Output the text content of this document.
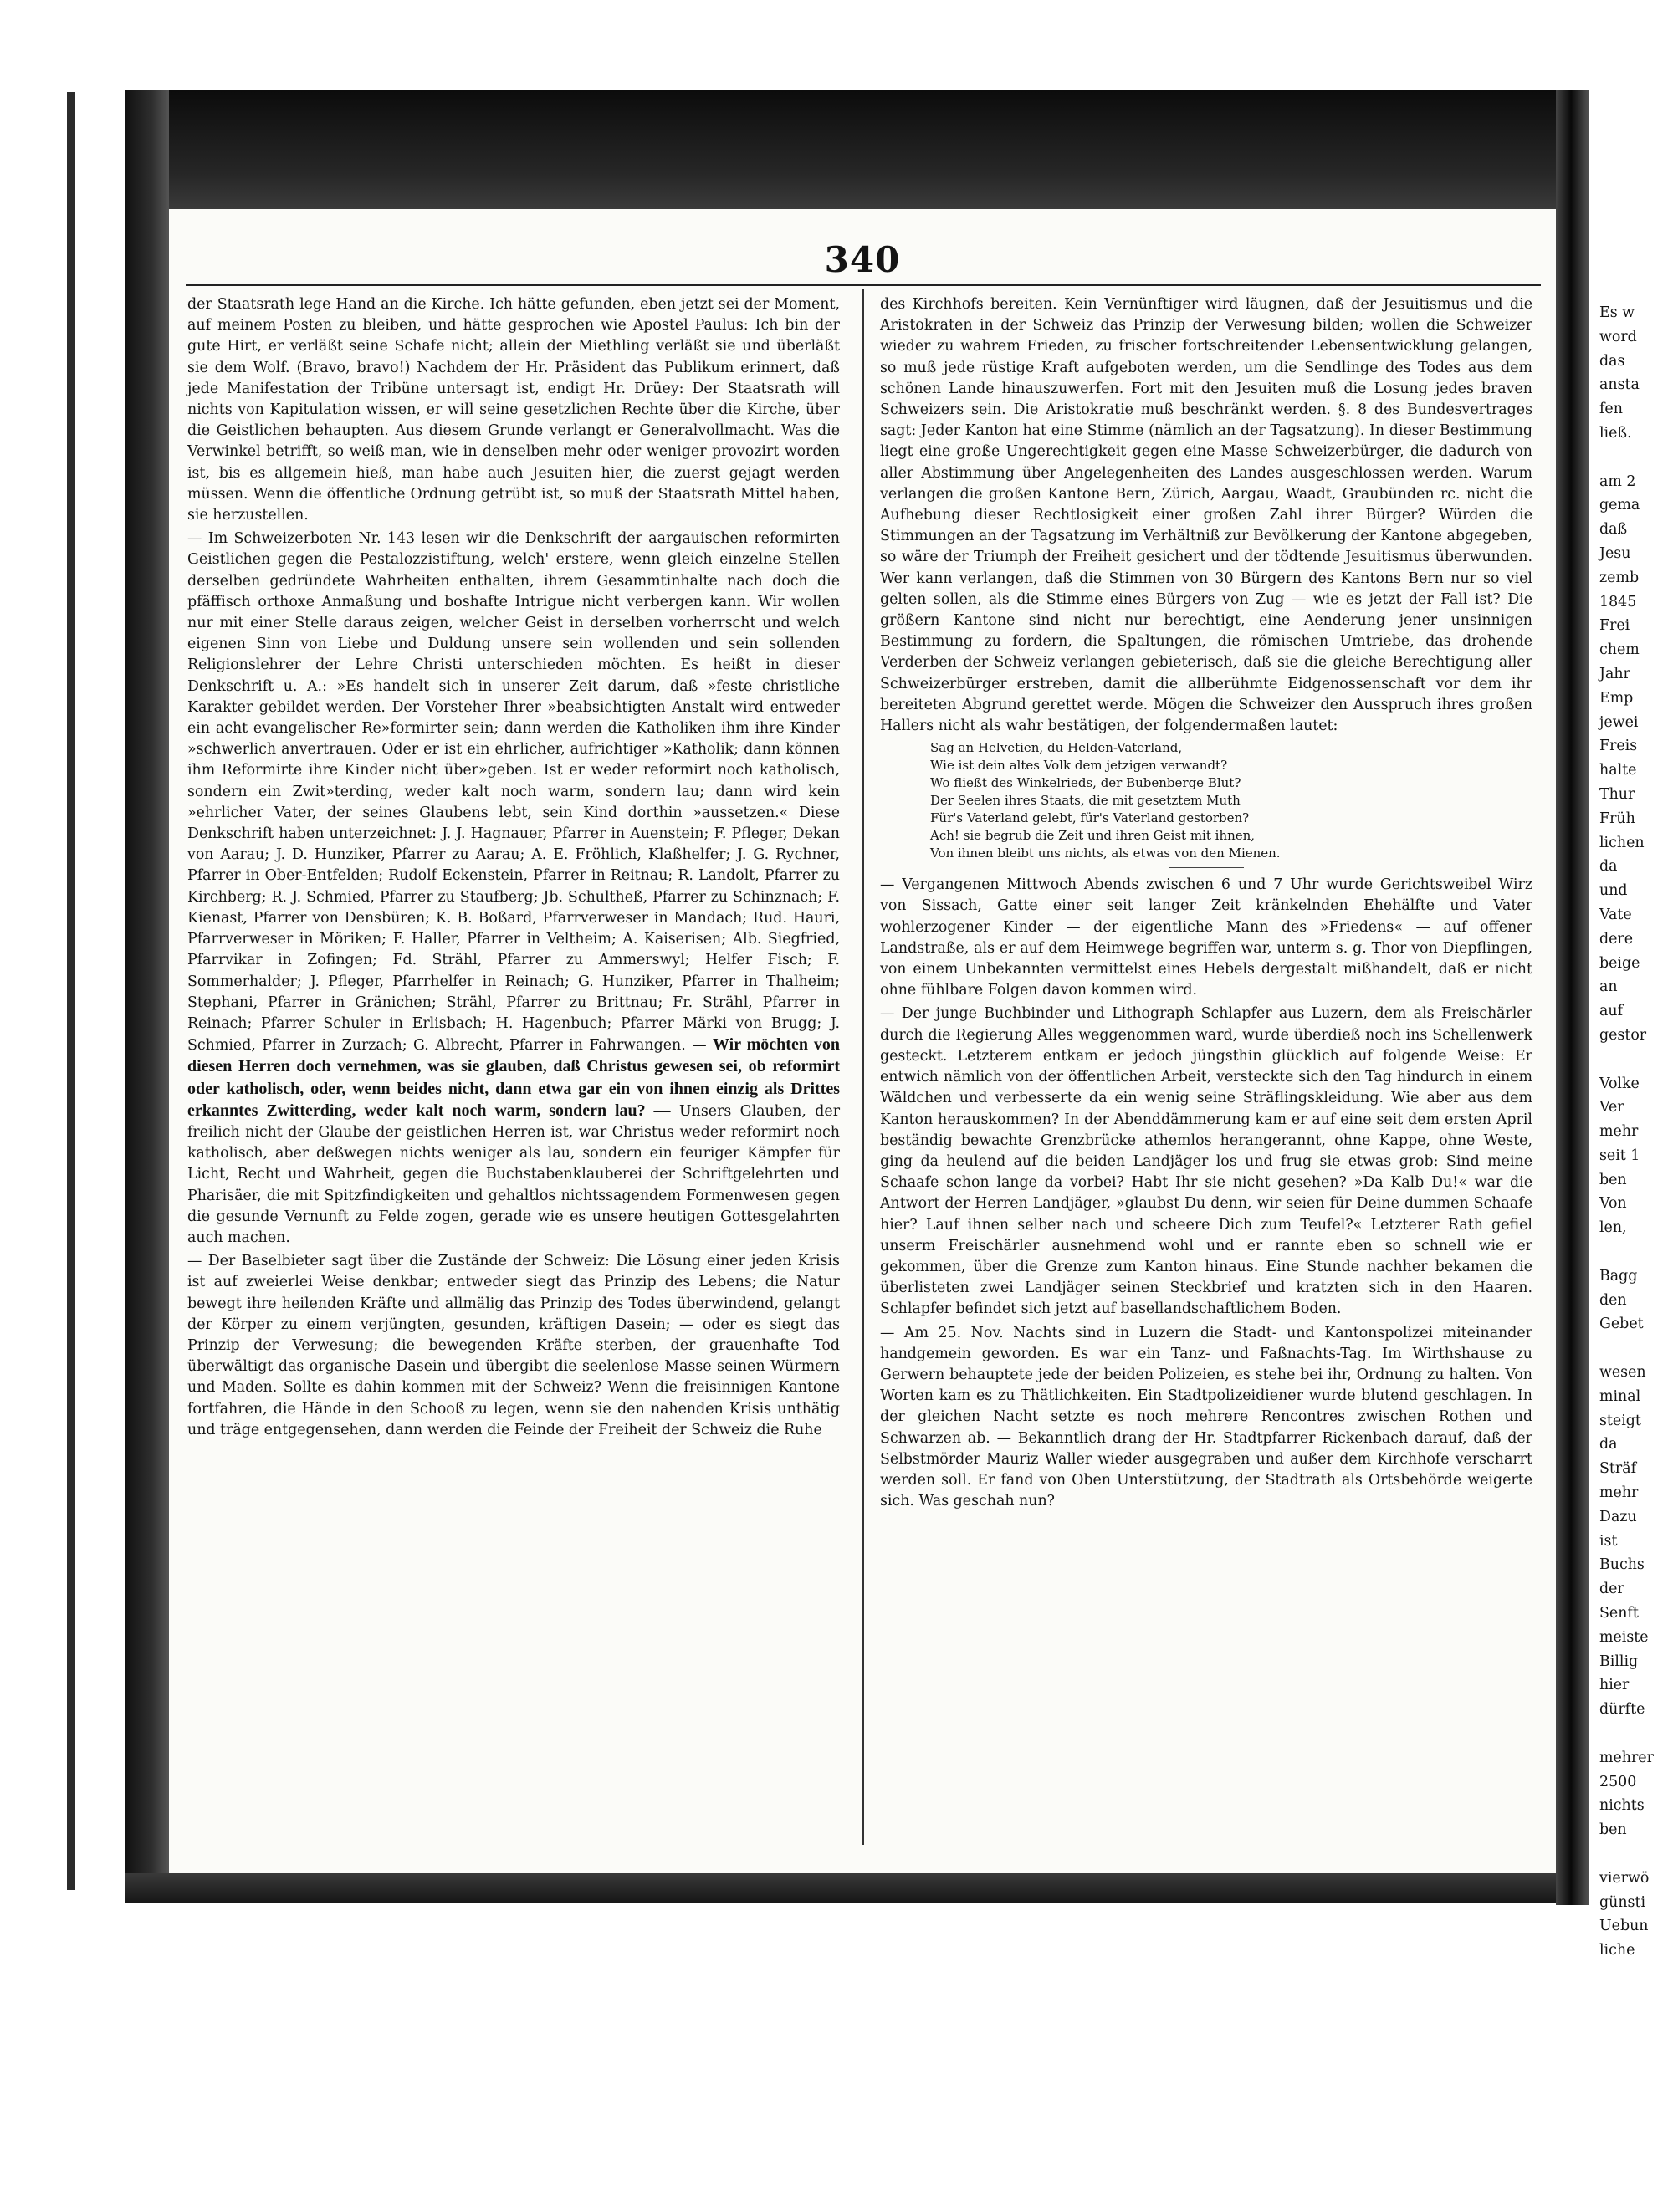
340

der Staatsrath lege Hand an die Kirche. Ich hätte gefunden, eben jetzt sei der Moment, auf meinem Posten zu bleiben, und hätte gesprochen wie Apostel Paulus: Ich bin der gute Hirt, er verläßt seine Schafe nicht; allein der Miethling verläßt sie und überläßt sie dem Wolf. (Bravo, bravo!) Nachdem der Hr. Präsident das Publikum erinnert, daß jede Manifestation der Tribüne untersagt ist, endigt Hr. Drüey: Der Staatsrath will nichts von Kapitulation wissen, er will seine gesetzlichen Rechte über die Kirche, über die Geistlichen behaupten. Aus diesem Grunde verlangt er Generalvollmacht. Was die Verwinkel betrifft, so weiß man, wie in denselben mehr oder weniger provozirt worden ist, bis es allgemein hieß, man habe auch Jesuiten hier, die zuerst gejagt werden müssen. Wenn die öffentliche Ordnung getrübt ist, so muß der Staatsrath Mittel haben, sie herzustellen.

— Im Schweizerboten Nr. 143 lesen wir die Denkschrift der aargauischen reformirten Geistlichen gegen die Pestalozzistiftung, welch' erstere, wenn gleich einzelne Stellen derselben gedründete Wahrheiten enthalten, ihrem Gesammtinhalte nach doch die pfäffisch orthoxe Anmaßung und boshafte Intrigue nicht verbergen kann. Wir wollen nur mit einer Stelle daraus zeigen, welcher Geist in derselben vorherrscht und welch eigenen Sinn von Liebe und Duldung unsere sein wollenden und sein sollenden Religionslehrer der Lehre Christi unterschieden möchten. Es heißt in dieser Denkschrift u. A.: »Es handelt sich in unserer Zeit darum, daß »feste christliche Karakter gebildet werden. Der Vorsteher Ihrer »beabsichtigten Anstalt wird entweder ein acht evangelischer Re»formirter sein; dann werden die Katholiken ihm ihre Kinder »schwerlich anvertrauen. Oder er ist ein ehrlicher, aufrichtiger »Katholik; dann können ihm Reformirte ihre Kinder nicht über»geben. Ist er weder reformirt noch katholisch, sondern ein Zwit»terding, weder kalt noch warm, sondern lau; dann wird kein »ehrlicher Vater, der seines Glaubens lebt, sein Kind dorthin »aussetzen.« Diese Denkschrift haben unterzeichnet: J. J. Hagnauer, Pfarrer in Auenstein; F. Pfleger, Dekan von Aarau; J. D. Hunziker, Pfarrer zu Aarau; A. E. Fröhlich, Klaßhelfer; J. G. Rychner, Pfarrer in Ober-Entfelden; Rudolf Eckenstein, Pfarrer in Reitnau; R. Landolt, Pfarrer zu Kirchberg; R. J. Schmied, Pfarrer zu Staufberg; Jb. Schultheß, Pfarrer zu Schinznach; F. Kienast, Pfarrer von Densbüren; K. B. Boßard, Pfarrverweser in Mandach; Rud. Hauri, Pfarrverweser in Möriken; F. Haller, Pfarrer in Veltheim; A. Kaiserisen; Alb. Siegfried, Pfarrvikar in Zofingen; Fd. Strähl, Pfarrer zu Ammerswyl; Helfer Fisch; F. Sommerhalder; J. Pfleger, Pfarrhelfer in Reinach; G. Hunziker, Pfarrer in Thalheim; Stephani, Pfarrer in Gränichen; Strähl, Pfarrer zu Brittnau; Fr. Strähl, Pfarrer in Reinach; Pfarrer Schuler in Erlisbach; H. Hagenbuch; Pfarrer Märki von Brugg; J. Schmied, Pfarrer in Zurzach; G. Albrecht, Pfarrer in Fahrwangen. — Wir möchten von diesen Herren doch vernehmen, was sie glauben, daß Christus gewesen sei, ob reformirt oder katholisch, oder, wenn beides nicht, dann etwa gar ein von ihnen einzig als Drittes erkanntes Zwitterding, weder kalt noch warm, sondern lau? — Unsers Glauben, der freilich nicht der Glaube der geistlichen Herren ist, war Christus weder reformirt noch katholisch, aber deßwegen nichts weniger als lau, sondern ein feuriger Kämpfer für Licht, Recht und Wahrheit, gegen die Buchstabenklauberei der Schriftgelehrten und Pharisäer, die mit Spitzfindigkeiten und gehaltlos nichtssagendem Formenwesen gegen die gesunde Vernunft zu Felde zogen, gerade wie es unsere heutigen Gottesgelahrten auch machen.

— Der Baselbieter sagt über die Zustände der Schweiz: Die Lösung einer jeden Krisis ist auf zweierlei Weise denkbar; entweder siegt das Prinzip des Lebens; die Natur bewegt ihre heilenden Kräfte und allmälig das Prinzip des Todes überwindend, gelangt der Körper zu einem verjüngten, gesunden, kräftigen Dasein; — oder es siegt das Prinzip der Verwesung; die bewegenden Kräfte sterben, der grauenhafte Tod überwältigt das organische Dasein und übergibt die seelenlose Masse seinen Würmern und Maden. Sollte es dahin kommen mit der Schweiz? Wenn die freisinnigen Kantone fortfahren, die Hände in den Schooß zu legen, wenn sie den nahenden Krisis unthätig und träge entgegensehen, dann werden die Feinde der Freiheit der Schweiz die Ruhe

des Kirchhofs bereiten. Kein Vernünftiger wird läugnen, daß der Jesuitismus und die Aristokraten in der Schweiz das Prinzip der Verwesung bilden; wollen die Schweizer wieder zu wahrem Frieden, zu frischer fortschreitender Lebensentwicklung gelangen, so muß jede rüstige Kraft aufgeboten werden, um die Sendlinge des Todes aus dem schönen Lande hinauszuwerfen. Fort mit den Jesuiten muß die Losung jedes braven Schweizers sein. Die Aristokratie muß beschränkt werden. §. 8 des Bundesvertrages sagt: Jeder Kanton hat eine Stimme (nämlich an der Tagsatzung). In dieser Bestimmung liegt eine große Ungerechtigkeit gegen eine Masse Schweizerbürger, die dadurch von aller Abstimmung über Angelegenheiten des Landes ausgeschlossen werden. Warum verlangen die großen Kantone Bern, Zürich, Aargau, Waadt, Graubünden rc. nicht die Aufhebung dieser Rechtlosigkeit einer großen Zahl ihrer Bürger? Würden die Stimmungen an der Tagsatzung im Verhältniß zur Bevölkerung der Kantone abgegeben, so wäre der Triumph der Freiheit gesichert und der tödtende Jesuitismus überwunden. Wer kann verlangen, daß die Stimmen von 30 Bürgern des Kantons Bern nur so viel gelten sollen, als die Stimme eines Bürgers von Zug — wie es jetzt der Fall ist? Die größern Kantone sind nicht nur berechtigt, eine Aenderung jener unsinnigen Bestimmung zu fordern, die Spaltungen, die römischen Umtriebe, das drohende Verderben der Schweiz verlangen gebieterisch, daß sie die gleiche Berechtigung aller Schweizerbürger erstreben, damit die allberühmte Eidgenossenschaft vor dem ihr bereiteten Abgrund gerettet werde. Mögen die Schweizer den Ausspruch ihres großen Hallers nicht als wahr bestätigen, der folgendermaßen lautet:

Sag an Helvetien, du Helden-Vaterland,
Wie ist dein altes Volk dem jetzigen verwandt?
Wo fließt des Winkelrieds, der Bubenberge Blut?
Der Seelen ihres Staats, die mit gesetztem Muth
Für's Vaterland gelebt, für's Vaterland gestorben?
Ach! sie begrub die Zeit und ihren Geist mit ihnen,
Von ihnen bleibt uns nichts, als etwas von den Mienen.

— Vergangenen Mittwoch Abends zwischen 6 und 7 Uhr wurde Gerichtsweibel Wirz von Sissach, Gatte einer seit langer Zeit kränkelnden Ehehälfte und Vater wohlerzogener Kinder — der eigentliche Mann des »Friedens« — auf offener Landstraße, als er auf dem Heimwege begriffen war, unterm s. g. Thor von Diepflingen, von einem Unbekannten vermittelst eines Hebels dergestalt mißhandelt, daß er nicht ohne fühlbare Folgen davon kommen wird.

— Der junge Buchbinder und Lithograph Schlapfer aus Luzern, dem als Freischärler durch die Regierung Alles weggenommen ward, wurde überdieß noch ins Schellenwerk gesteckt. Letzterem entkam er jedoch jüngsthin glücklich auf folgende Weise: Er entwich nämlich von der öffentlichen Arbeit, versteckte sich den Tag hindurch in einem Wäldchen und verbesserte da ein wenig seine Sträflingskleidung. Wie aber aus dem Kanton herauskommen? In der Abenddämmerung kam er auf eine seit dem ersten April beständig bewachte Grenzbrücke athemlos herangerannt, ohne Kappe, ohne Weste, ging da heulend auf die beiden Landjäger los und frug sie etwas grob: Sind meine Schaafe schon lange da vorbei? Habt Ihr sie nicht gesehen? »Da Kalb Du!« war die Antwort der Herren Landjäger, »glaubst Du denn, wir seien für Deine dummen Schaafe hier? Lauf ihnen selber nach und scheere Dich zum Teufel?« Letzterer Rath gefiel unserm Freischärler ausnehmend wohl und er rannte eben so schnell wie er gekommen, über die Grenze zum Kanton hinaus. Eine Stunde nachher bekamen die überlisteten zwei Landjäger seinen Steckbrief und kratzten sich in den Haaren. Schlapfer befindet sich jetzt auf basellandschaftlichem Boden.

— Am 25. Nov. Nachts sind in Luzern die Stadt- und Kantonspolizei miteinander handgemein geworden. Es war ein Tanz- und Faßnachts-Tag. Im Wirthshause zu Gerwern behauptete jede der beiden Polizeien, es stehe bei ihr, Ordnung zu halten. Von Worten kam es zu Thätlichkeiten. Ein Stadtpolizeidiener wurde blutend geschlagen. In der gleichen Nacht setzte es noch mehrere Rencontres zwischen Rothen und Schwarzen ab. — Bekanntlich drang der Hr. Stadtpfarrer Rickenbach darauf, daß der Selbstmörder Mauriz Waller wieder ausgegraben und außer dem Kirchhofe verscharrt werden soll. Er fand von Oben Unterstützung, der Stadtrath als Ortsbehörde weigerte sich. Was geschah nun?

Es w
word
das
ansta
fen
ließ.
am 2
gema
daß
Jesu
zemb
1845
Frei
chem
Jahr
Emp
jewei
Freis
halte
Thur
Früh
lichen
da
und
Vate
dere
beige
an
auf
gestor
Volke
Ver
mehr
seit 1
ben
Von
len,
Bagg
den
Gebet
wesen
minal
steigt
da
Sträf
mehr
Dazu
ist
Buchs
der
Senft
meiste
Billig
hier
dürfte
mehrer
2500
nichts
ben
vierwö
günsti
Uebun
liche
